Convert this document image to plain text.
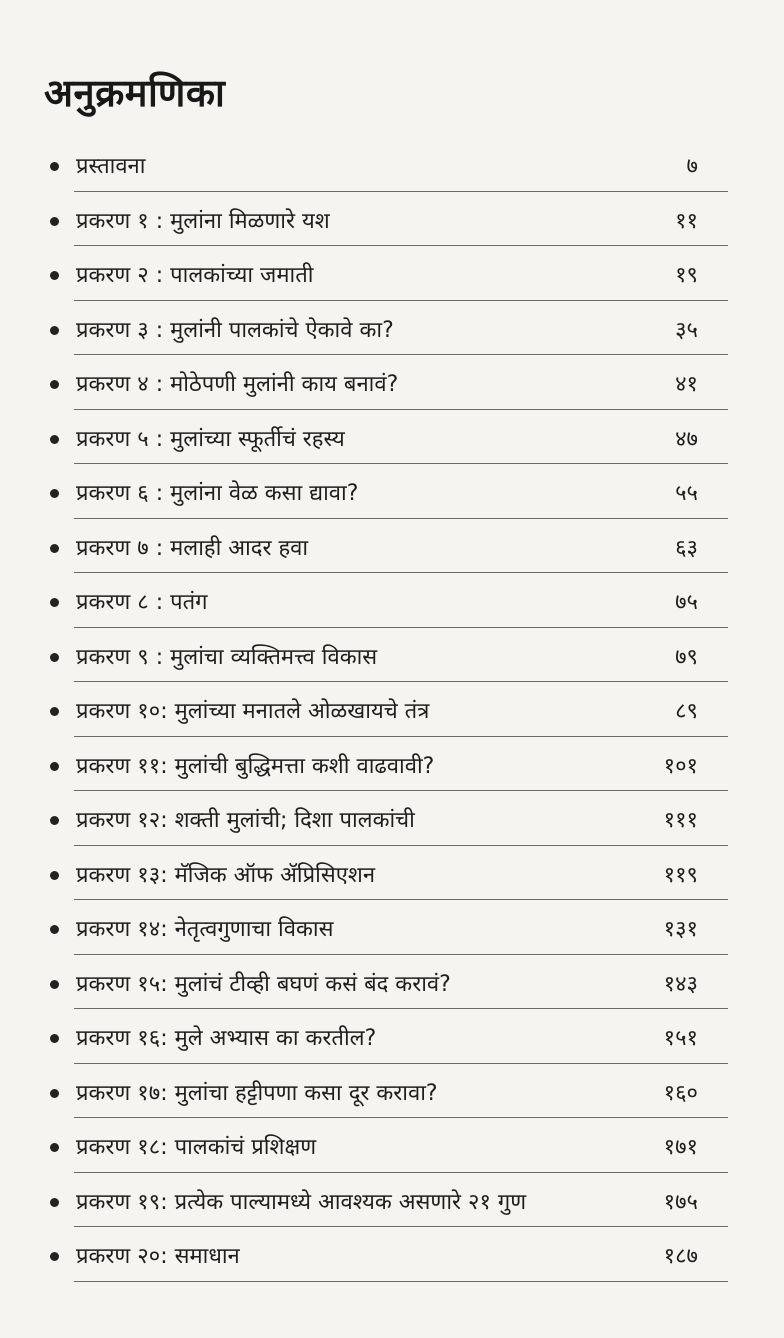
अनुक्रमणिका
प्रस्तावना	७
प्रकरण १ : मुलांना मिळणारे यश	११
प्रकरण २ : पालकांच्या जमाती	१९
प्रकरण ३ : मुलांनी पालकांचे ऐकावे का?	३५
प्रकरण ४ : मोठेपणी मुलांनी काय बनावं?	४१
प्रकरण ५ : मुलांच्या स्फूर्तीचं रहस्य	४७
प्रकरण ६ : मुलांना वेळ कसा द्यावा?	५५
प्रकरण ७ : मलाही आदर हवा	६३
प्रकरण ८ : पतंग	७५
प्रकरण ९ : मुलांचा व्यक्तिमत्त्व विकास	७९
प्रकरण १०: मुलांच्या मनातले ओळखायचे तंत्र	८९
प्रकरण ११: मुलांची बुद्धिमत्ता कशी वाढवावी?	१०१
प्रकरण १२: शक्ती मुलांची; दिशा पालकांची	१११
प्रकरण १३: मॅजिक ऑफ ॲप्रिसिएशन	११९
प्रकरण १४: नेतृत्वगुणाचा विकास	१३१
प्रकरण १५: मुलांचं टीव्ही बघणं कसं बंद करावं?	१४३
प्रकरण १६: मुले अभ्यास का करतील?	१५१
प्रकरण १७: मुलांचा हट्टीपणा कसा दूर करावा?	१६०
प्रकरण १८: पालकांचं प्रशिक्षण	१७१
प्रकरण १९: प्रत्येक पाल्यामध्ये आवश्यक असणारे २१ गुण	१७५
प्रकरण २०: समाधान	१८७
